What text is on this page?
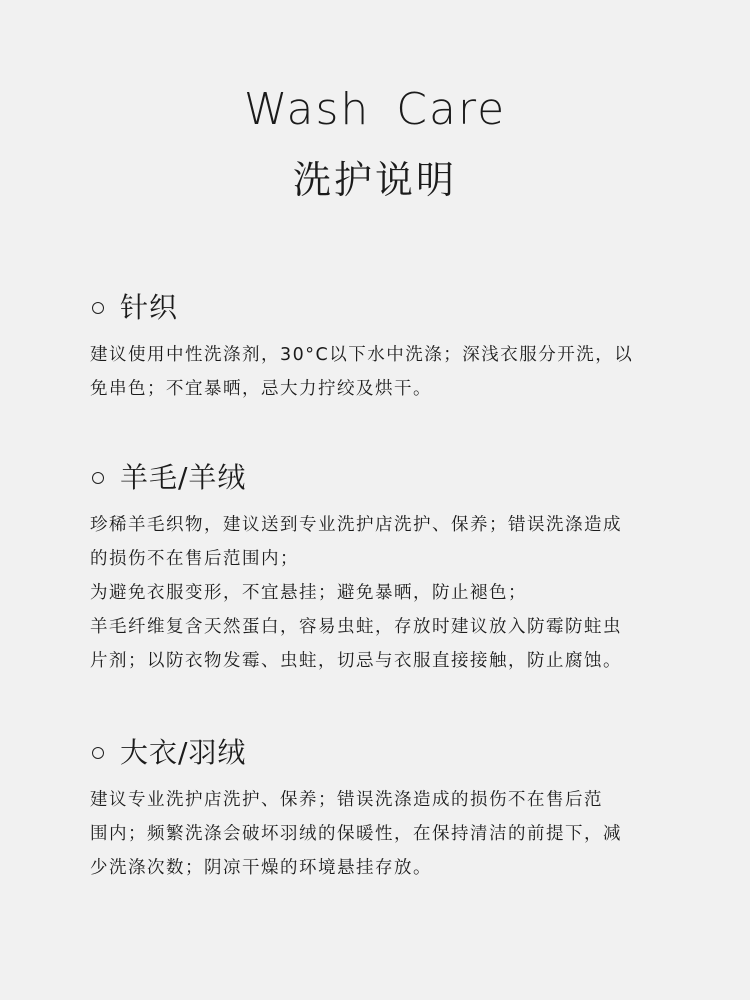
Wash Care
洗护说明
针织

建议使用中性洗涤剂，30°C以下水中洗涤；深浅衣服分开洗，以

免串色；不宜暴晒，忌大力拧绞及烘干。

羊毛/羊绒

珍稀羊毛织物，建议送到专业洗护店洗护、保养；错误洗涤造成

的损伤不在售后范围内；

为避免衣服变形，不宜悬挂；避免暴晒，防止褪色；

羊毛纤维复含天然蛋白，容易虫蛀，存放时建议放入防霉防蛀虫

片剂；以防衣物发霉、虫蛀，切忌与衣服直接接触，防止腐蚀。

大衣/羽绒

建议专业洗护店洗护、保养；错误洗涤造成的损伤不在售后范

围内；频繁洗涤会破坏羽绒的保暖性，在保持清洁的前提下，减

少洗涤次数；阴凉干燥的环境悬挂存放。
